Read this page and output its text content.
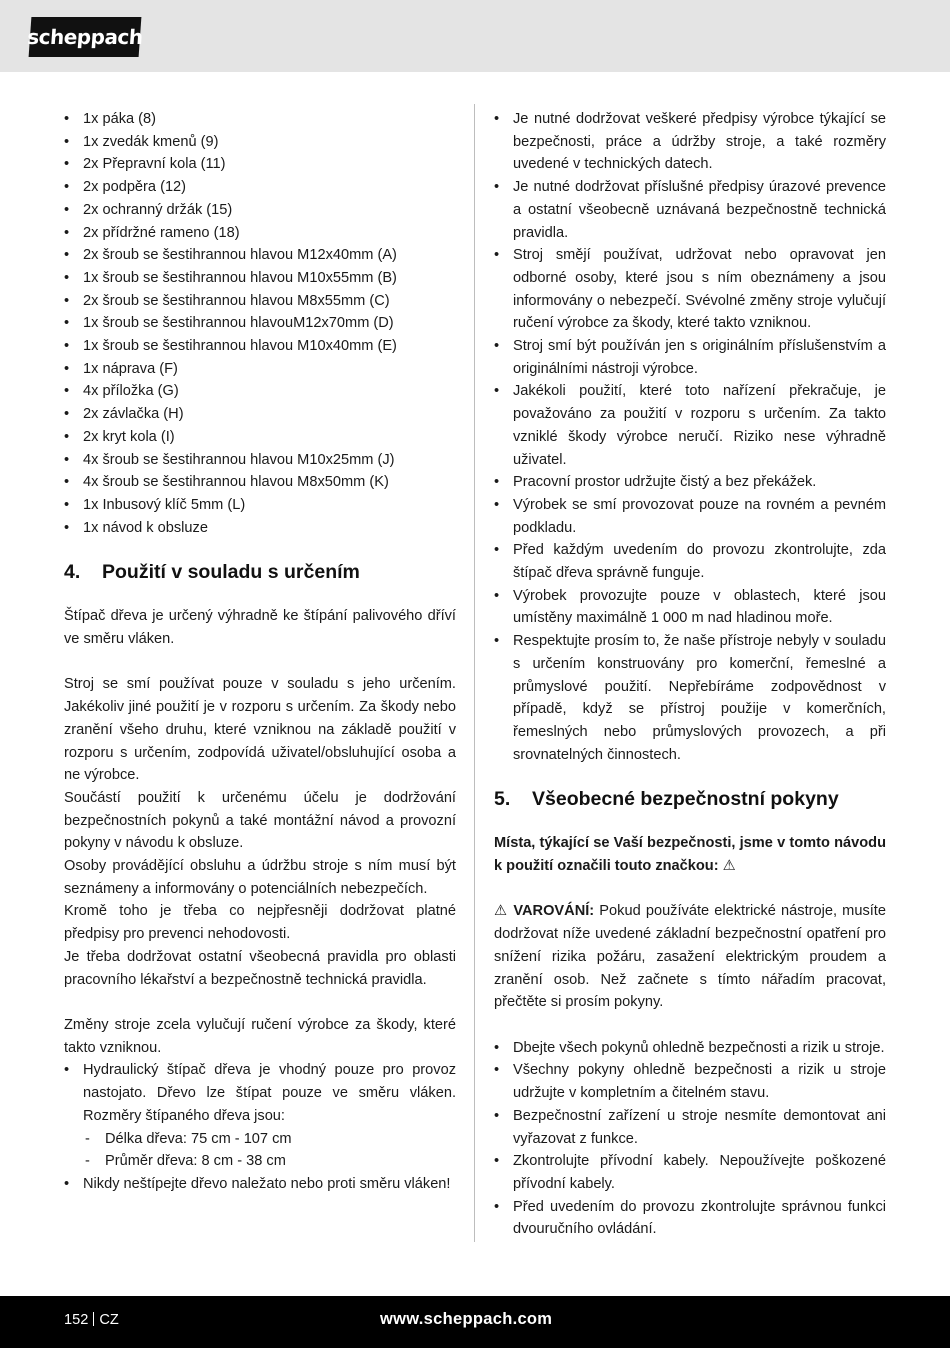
scheppach
• 1x páka (8)
• 1x zvedák kmenů (9)
• 2x Přepravní kola (11)
• 2x podpěra (12)
• 2x ochranný držák (15)
• 2x přídržné rameno (18)
• 2x šroub se šestihrannou hlavou M12x40mm (A)
• 1x šroub se šestihrannou hlavou M10x55mm (B)
• 2x šroub se šestihrannou hlavou M8x55mm (C)
• 1x šroub se šestihrannou hlavouM12x70mm (D)
• 1x šroub se šestihrannou hlavou M10x40mm (E)
• 1x náprava (F)
• 4x příložka (G)
• 2x závlačka (H)
• 2x kryt kola (I)
• 4x šroub se šestihrannou hlavou M10x25mm (J)
• 4x šroub se šestihrannou hlavou M8x50mm (K)
• 1x Inbusový klíč 5mm (L)
• 1x návod k obsluze
4.	Použití v souladu s určením

Štípač dřeva je určený výhradně ke štípání palivového dříví ve směru vláken.

Stroj se smí používat pouze v souladu s jeho určením. Jakékoliv jiné použití je v rozporu s určením. Za škody nebo zranění všeho druhu, které vzniknou na základě použití v rozporu s určením, zodpovídá uživatel/obsluhující osoba a ne výrobce.

Součástí použití k určenému účelu je dodržování bezpečnostních pokynů a také montážní návod a provozní pokyny v návodu k obsluze.

Osoby provádějící obsluhu a údržbu stroje s ním musí být seznámeny a informovány o potenciálních nebezpečích.

Kromě toho je třeba co nejpřesněji dodržovat platné předpisy pro prevenci nehodovosti.

Je třeba dodržovat ostatní všeobecná pravidla pro oblasti pracovního lékařství a bezpečnostně technická pravidla.

Změny stroje zcela vylučují ručení výrobce za škody, které takto vzniknou.

• Hydraulický štípač dřeva je vhodný pouze pro provoz nastojato. Dřevo lze štípat pouze ve směru vláken. Rozměry štípaného dřeva jsou:
- Délka dřeva: 75 cm - 107 cm
- Průměr dřeva: 8 cm - 38 cm
• Nikdy neštípejte dřevo naležato nebo proti směru vláken!
• Je nutné dodržovat veškeré předpisy výrobce týkající se bezpečnosti, práce a údržby stroje, a také rozměry uvedené v technických datech.
• Je nutné dodržovat příslušné předpisy úrazové prevence a ostatní všeobecně uznávaná bezpečnostně technická pravidla.
• Stroj smějí používat, udržovat nebo opravovat jen odborné osoby, které jsou s ním obeznámeny a jsou informovány o nebezpečí. Svévolné změny stroje vylučují ručení výrobce za škody, které takto vzniknou.
• Stroj smí být používán jen s originálním příslušenstvím a originálními nástroji výrobce.
• Jakékoli použití, které toto nařízení překračuje, je považováno za použití v rozporu s určením. Za takto vzniklé škody výrobce neručí. Riziko nese výhradně uživatel.
• Pracovní prostor udržujte čistý a bez překážek.
• Výrobek se smí provozovat pouze na rovném a pevném podkladu.
• Před každým uvedením do provozu zkontrolujte, zda štípač dřeva správně funguje.
• Výrobek provozujte pouze v oblastech, které jsou umístěny maximálně 1 000 m nad hladinou moře.
• Respektujte prosím to, že naše přístroje nebyly v souladu s určením konstruovány pro komerční, řemeslné a průmyslové použití. Nepřebíráme zodpovědnost v případě, když se přístroj použije v komerčních, řemeslných nebo průmyslových provozech, a při srovnatelných činnostech.
5.	Všeobecné bezpečnostní pokyny

Místa, týkající se Vaší bezpečnosti, jsme v tomto návodu k použití označili touto značkou: ⚠

⚠ VAROVÁNÍ: Pokud používáte elektrické nástroje, musíte dodržovat níže uvedené základní bezpečnostní opatření pro snížení rizika požáru, zasažení elektrickým proudem a zranění osob. Než začnete s tímto nářadím pracovat, přečtěte si prosím pokyny.

• Dbejte všech pokynů ohledně bezpečnosti a rizik u stroje.
• Všechny pokyny ohledně bezpečnosti a rizik u stroje udržujte v kompletním a čitelném stavu.
• Bezpečnostní zařízení u stroje nesmíte demontovat ani vyřazovat z funkce.
• Zkontrolujte přívodní kabely. Nepoužívejte poškozené přívodní kabely.
• Před uvedením do provozu zkontrolujte správnou funkci dvouručního ovládání.
152 CZ	www.scheppach.com
